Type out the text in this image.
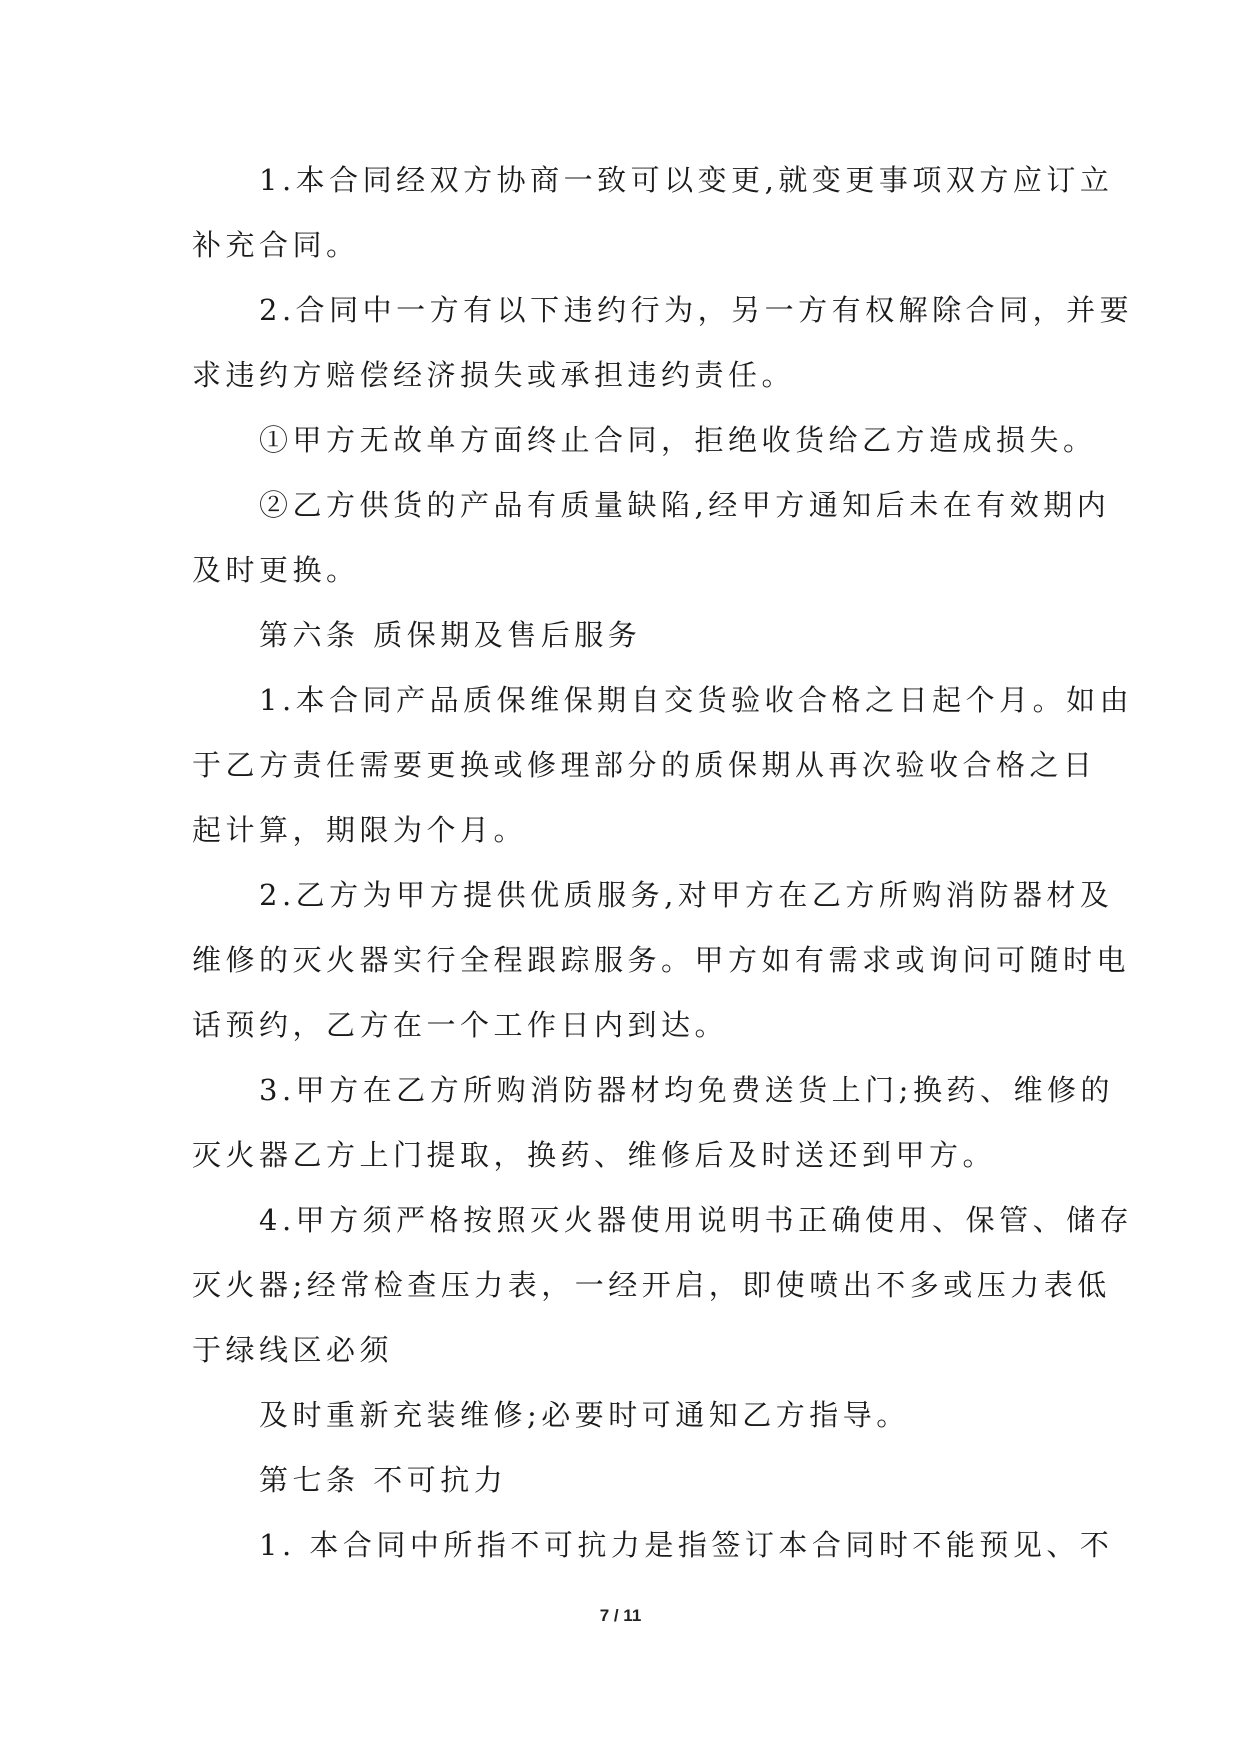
　　1.本合同经双方协商一致可以变更,就变更事项双方应订立
补充合同。
　　2.合同中一方有以下违约行为，另一方有权解除合同，并要
求违约方赔偿经济损失或承担违约责任。
　　①甲方无故单方面终止合同，拒绝收货给乙方造成损失。
　　②乙方供货的产品有质量缺陷,经甲方通知后未在有效期内
及时更换。
　　第六条 质保期及售后服务
　　1.本合同产品质保维保期自交货验收合格之日起个月。如由
于乙方责任需要更换或修理部分的质保期从再次验收合格之日
起计算，期限为个月。
　　2.乙方为甲方提供优质服务,对甲方在乙方所购消防器材及
维修的灭火器实行全程跟踪服务。甲方如有需求或询问可随时电
话预约，乙方在一个工作日内到达。
　　3.甲方在乙方所购消防器材均免费送货上门;换药、维修的
灭火器乙方上门提取，换药、维修后及时送还到甲方。
　　4.甲方须严格按照灭火器使用说明书正确使用、保管、储存
灭火器;经常检查压力表，一经开启，即使喷出不多或压力表低
于绿线区必须
　　及时重新充装维修;必要时可通知乙方指导。
　　第七条 不可抗力
　　1. 本合同中所指不可抗力是指签订本合同时不能预见、不
7 / 11
